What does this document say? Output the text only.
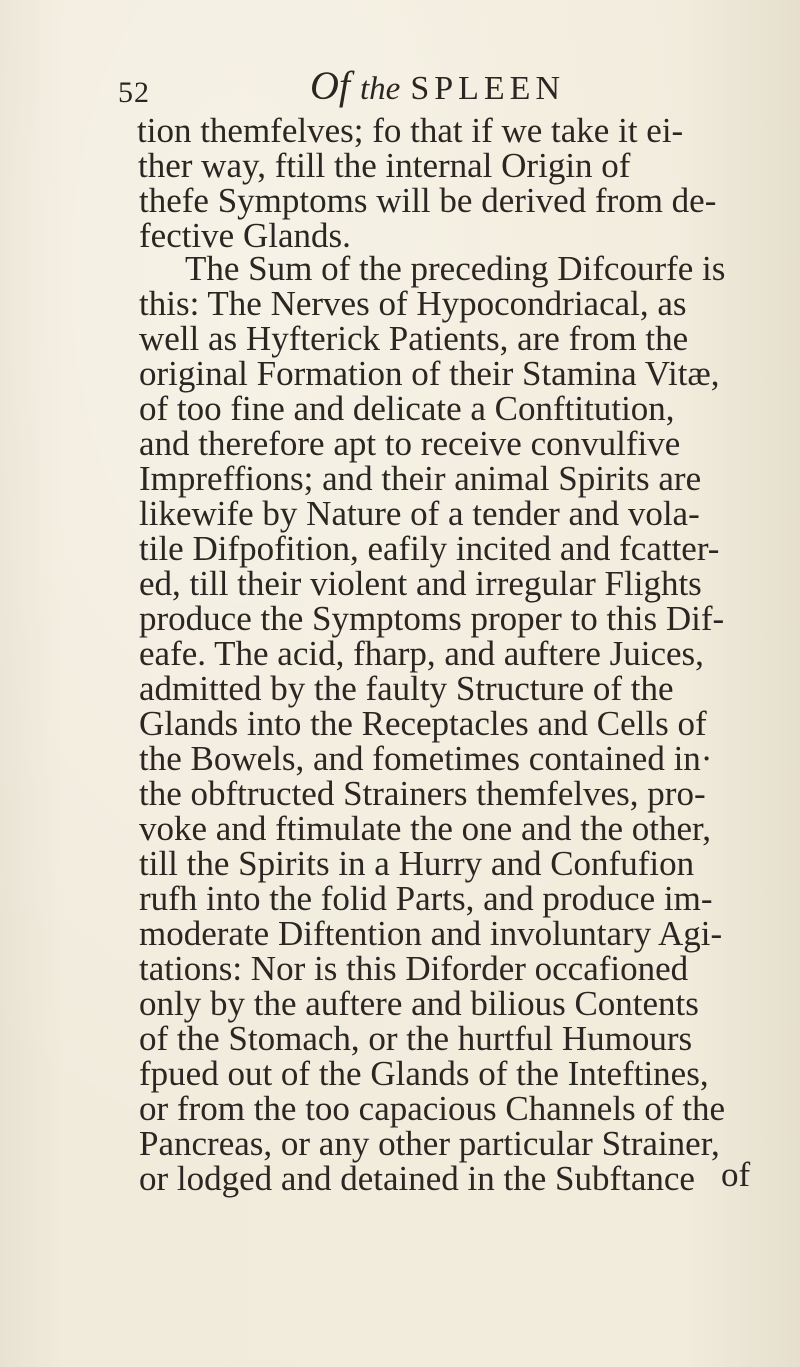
52	Of the SPLEEN
tion themfelves; fo that if we take it ei-
ther way, ftill the internal Origin of
thefe Symptoms will be derived from de-
fective Glands.
The Sum of the preceding Difcourfe is
this: The Nerves of Hypocondriacal, as
well as Hyfterick Patients, are from the
original Formation of their Stamina Vitæ,
of too fine and delicate a Conftitution,
and therefore apt to receive convulfive
Impreffions; and their animal Spirits are
likewife by Nature of a tender and vola-
tile Difpofition, eafily incited and fcatter-
ed, till their violent and irregular Flights
produce the Symptoms proper to this Dif-
eafe. The acid, fharp, and auftere Juices,
admitted by the faulty Structure of the
Glands into the Receptacles and Cells of
the Bowels, and fometimes contained in·
the obftructed Strainers themfelves, pro-
voke and ftimulate the one and the other,
till the Spirits in a Hurry and Confufion
rufh into the folid Parts, and produce im-
moderate Diftention and involuntary Agi-
tations: Nor is this Diforder occafioned
only by the auftere and bilious Contents
of the Stomach, or the hurtful Humours
fpued out of the Glands of the Inteftines,
or from the too capacious Channels of the
Pancreas, or any other particular Strainer,
or lodged and detained in the Subftance of
